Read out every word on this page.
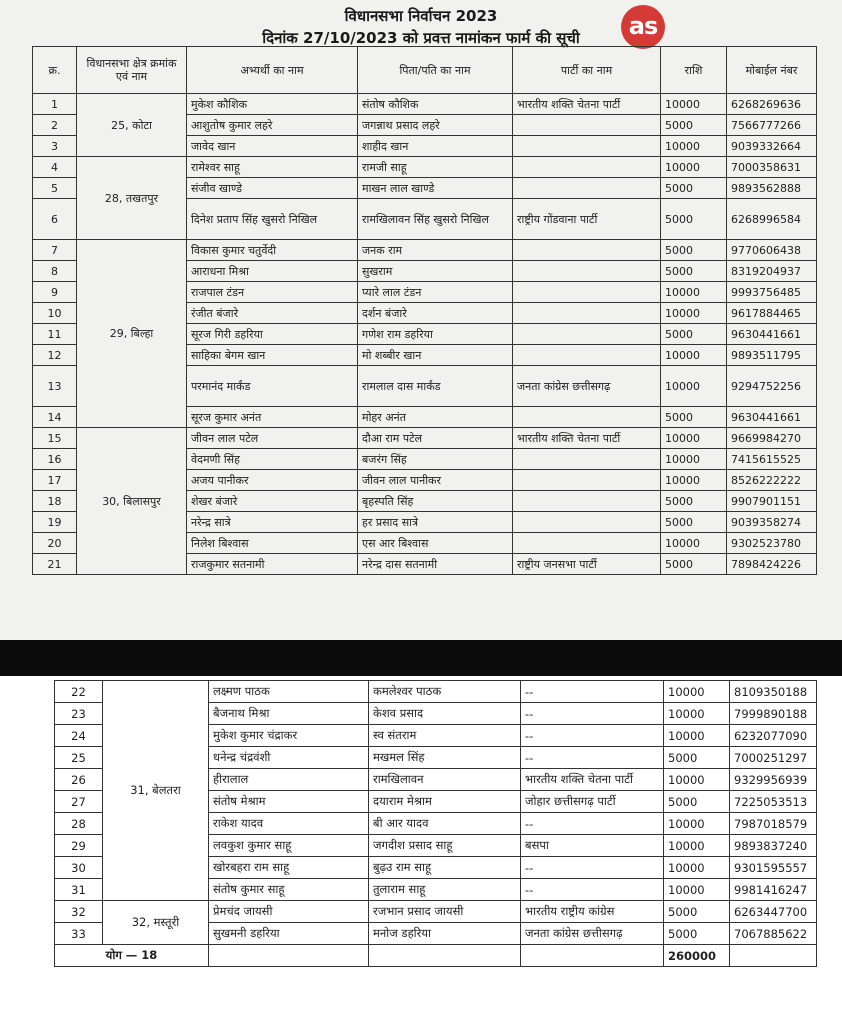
विधानसभा निर्वाचन 2023
दिनांक 27/10/2023 को प्रवत्त नामांकन फार्म की सूची	as
क्र.	विधानसभा क्षेत्र क्रमांक एवं नाम	अभ्यर्थी का नाम	पिता/पति का नाम	पार्टी का नाम	राशि	मोबाईल नंबर
1	25, कोटा	मुकेश कौशिक	संतोष कौशिक	भारतीय शक्ति चेतना पार्टी	10000	6268269636
2		आशुतोष कुमार लहरे	जगन्नाथ प्रसाद लहरे		5000	7566777266
3		जावेद खान	शाहीद खान		10000	9039332664
4	28, तखतपुर	रामेश्वर साहू	रामजी साहू		10000	7000358631
5		संजीव खाण्डे	माखन लाल खाण्डे		5000	9893562888
6		दिनेश प्रताप सिंह खुसरो निखिल	रामखिलावन सिंह खुसरो निखिल	राष्ट्रीय गोंडवाना पार्टी	5000	6268996584
7	29, बिल्हा	विकास कुमार चतुर्वेदी	जनक राम		5000	9770606438
8		आराधना मिश्रा	सुखराम		5000	8319204937
9		राजपाल टंडन	प्यारे लाल टंडन		10000	9993756485
10		रंजीत बंजारे	दर्शन बंजारे		10000	9617884465
11		सूरज गिरी डहरिया	गणेश राम डहरिया		5000	9630441661
12		साहिका बेगम खान	मो शब्बीर खान		10000	9893511795
13		परमानंद मार्कंड	रामलाल दास मार्कंड	जनता कांग्रेस छत्तीसगढ़	10000	9294752256
14		सूरज कुमार अनंत	मोहर अनंत		5000	9630441661
15	30, बिलासपुर	जीवन लाल पटेल	दौआ राम पटेल	भारतीय शक्ति चेतना पार्टी	10000	9669984270
16		वेदमणी सिंह	बजरंग सिंह		10000	7415615525
17		अजय पानीकर	जीवन लाल पानीकर		10000	8526222222
18		शेखर बंजारे	बृहस्पति सिंह		5000	9907901151
19		नरेन्द्र सात्रे	हर प्रसाद सात्रे		5000	9039358274
20		निलेश बिश्वास	एस आर बिश्वास		10000	9302523780
21		राजकुमार सतनामी	नरेन्द्र दास सतनामी	राष्ट्रीय जनसभा पार्टी	5000	7898424226
22	31, बेलतरा	लक्ष्मण पाठक	कमलेश्वर पाठक	--	10000	8109350188
23		बैजनाथ मिश्रा	केशव प्रसाद	--	10000	7999890188
24		मुकेश कुमार चंद्राकर	स्व संतराम	--	10000	6232077090
25		धनेन्द्र चंद्रवंशी	मखमल सिंह	--	5000	7000251297
26		हीरालाल	रामखिलावन	भारतीय शक्ति चेतना पार्टी	10000	9329956939
27		संतोष मेश्राम	दयाराम मेश्राम	जोहार छत्तीसगढ़ पार्टी	5000	7225053513
28		राकेश यादव	बी आर यादव	--	10000	7987018579
29		लवकुश कुमार साहू	जगदीश प्रसाद साहू	बसपा	10000	9893837240
30		खोरबहरा राम साहू	बुढ़उ राम साहू	--	10000	9301595557
31		संतोष कुमार साहू	तुलाराम साहू	--	10000	9981416247
32	32, मस्तूरी	प्रेमचंद जायसी	रजभान प्रसाद जायसी	भारतीय राष्ट्रीय कांग्रेस	5000	6263447700
33		सुखमनी डहरिया	मनोज डहरिया	जनता कांग्रेस छत्तीसगढ़	5000	7067885622
योग — 18					260000	
